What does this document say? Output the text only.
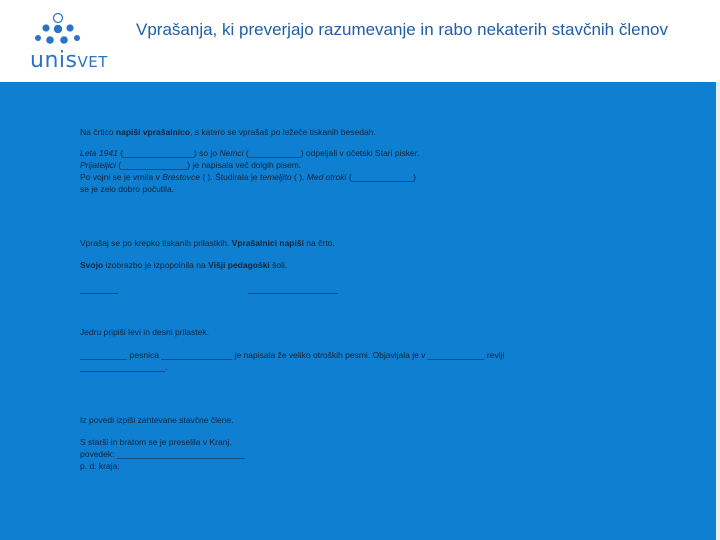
unisVET
Vprašanja, ki preverjajo razumevanje in rabo nekaterih stavčnih členov
Na črtico napiši vprašalnico, s katero se vprašaš po ležeče tiskanih besedah.
Leta 1941 (_______________) so jo Nemci (___________) odpeljali v očetski Stari pisker.
Prijateljici (______________) je napisala več dolgih pisem.
Po vojni se je vrnila v Brestovce ( ). Študirala je temeljito ( ). Med otroki (_____________)
se je zelo dobro počutila.
Vprašaj se po krepko tiskanih prilastkih. Vprašalnici napiši na črto.
Svojo izobrazbo je izpopolnila na Višji pedagoški šoli.
________	___________________
Jedru pripiši levi in desni prilastek.
__________ pesnica _______________ je napisala že veliko otroških pesmi. Objavljala je v ____________ reviji
__________________.
Iz povedi izpiši zahtevane stavčne člene.
S starši in bratom se je preselila v Kranj.
povedek: ___________________________
p. d. kraja:
